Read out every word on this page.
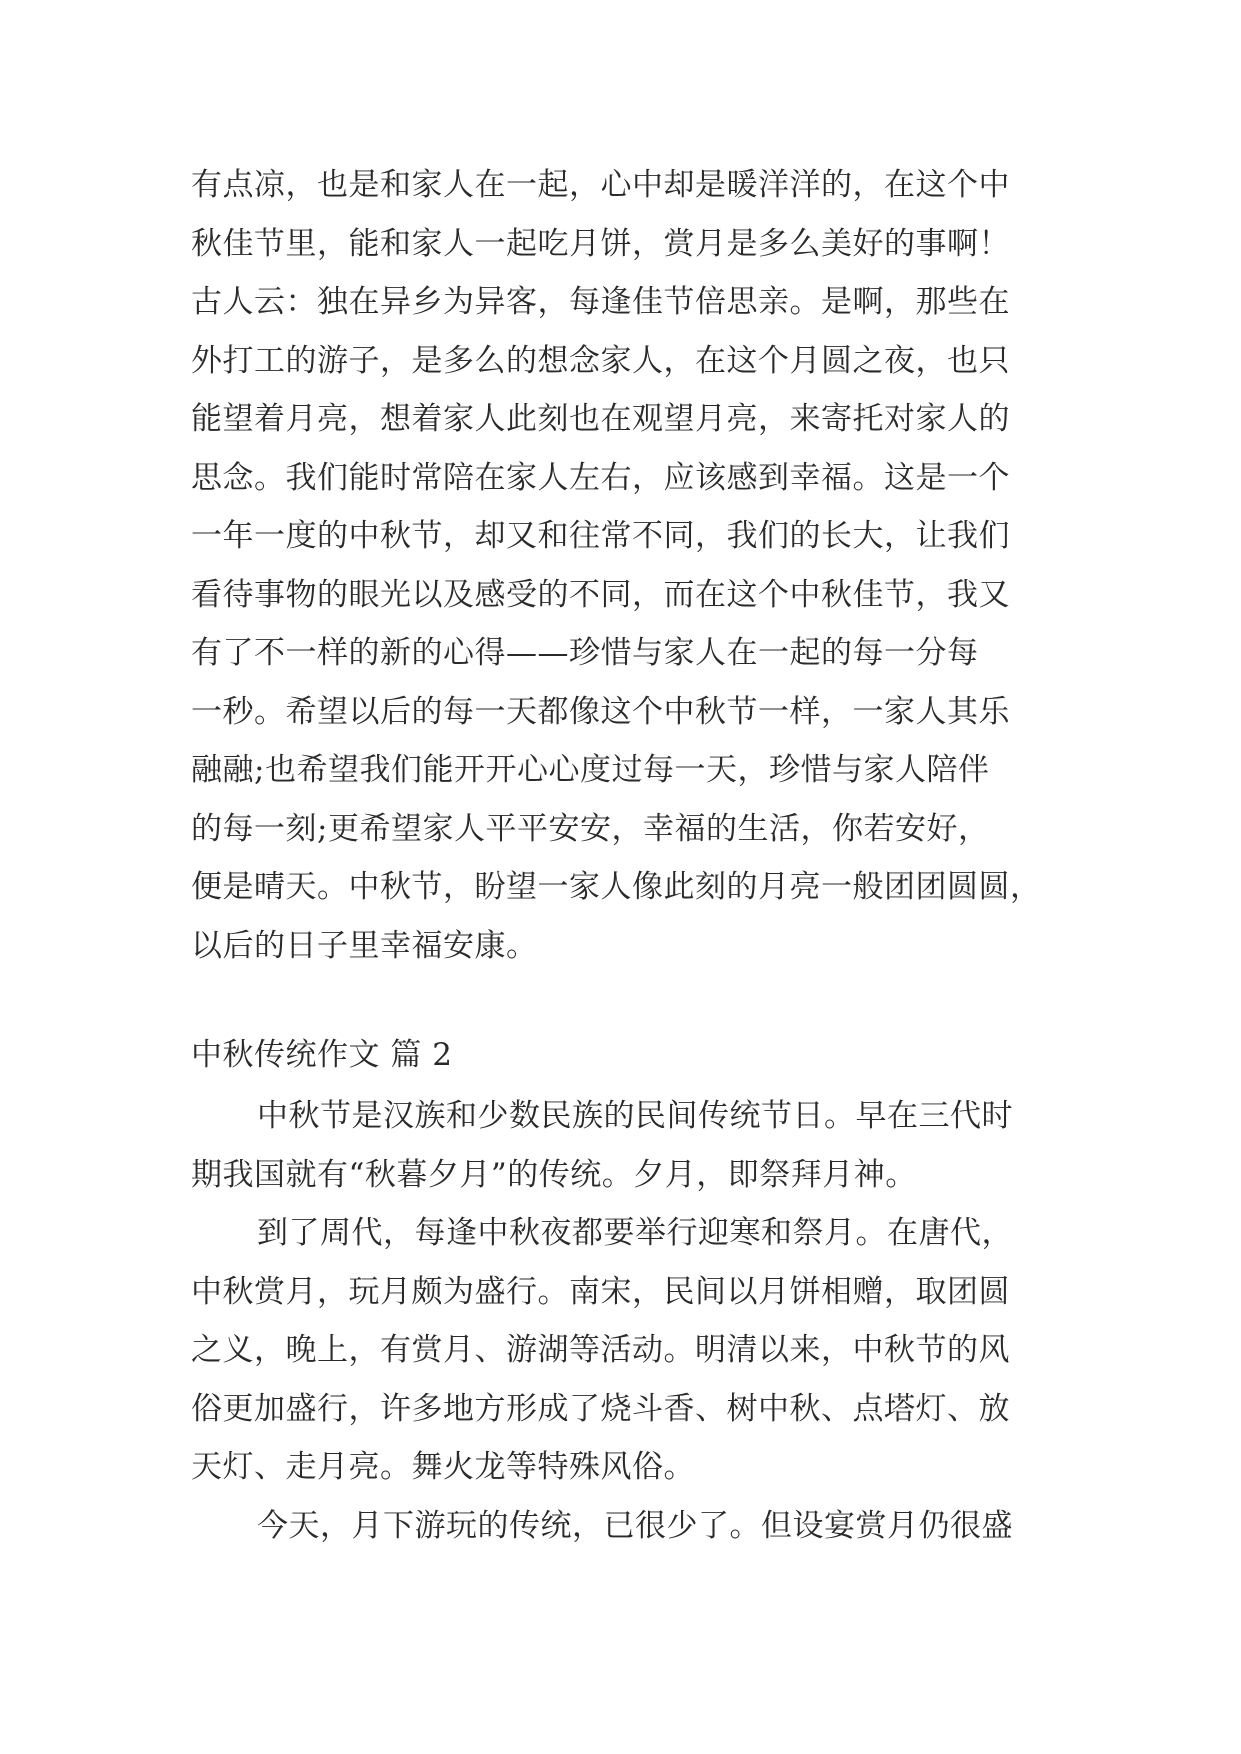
有点凉，也是和家人在一起，心中却是暖洋洋的，在这个中
秋佳节里，能和家人一起吃月饼，赏月是多么美好的事啊！
古人云：独在异乡为异客，每逢佳节倍思亲。是啊，那些在
外打工的游子，是多么的想念家人，在这个月圆之夜，也只
能望着月亮，想着家人此刻也在观望月亮，来寄托对家人的
思念。我们能时常陪在家人左右，应该感到幸福。这是一个
一年一度的中秋节，却又和往常不同，我们的长大，让我们
看待事物的眼光以及感受的不同，而在这个中秋佳节，我又
有了不一样的新的心得——珍惜与家人在一起的每一分每
一秒。希望以后的每一天都像这个中秋节一样，一家人其乐
融融;也希望我们能开开心心度过每一天，珍惜与家人陪伴
的每一刻;更希望家人平平安安，幸福的生活，你若安好，
便是晴天。中秋节，盼望一家人像此刻的月亮一般团团圆圆，
以后的日子里幸福安康。
中秋传统作文 篇 2
中秋节是汉族和少数民族的民间传统节日。早在三代时
期我国就有“秋暮夕月”的传统。夕月，即祭拜月神。
到了周代，每逢中秋夜都要举行迎寒和祭月。在唐代，
中秋赏月，玩月颇为盛行。南宋，民间以月饼相赠，取团圆
之义，晚上，有赏月、游湖等活动。明清以来，中秋节的风
俗更加盛行，许多地方形成了烧斗香、树中秋、点塔灯、放
天灯、走月亮。舞火龙等特殊风俗。
今天，月下游玩的传统，已很少了。但设宴赏月仍很盛
